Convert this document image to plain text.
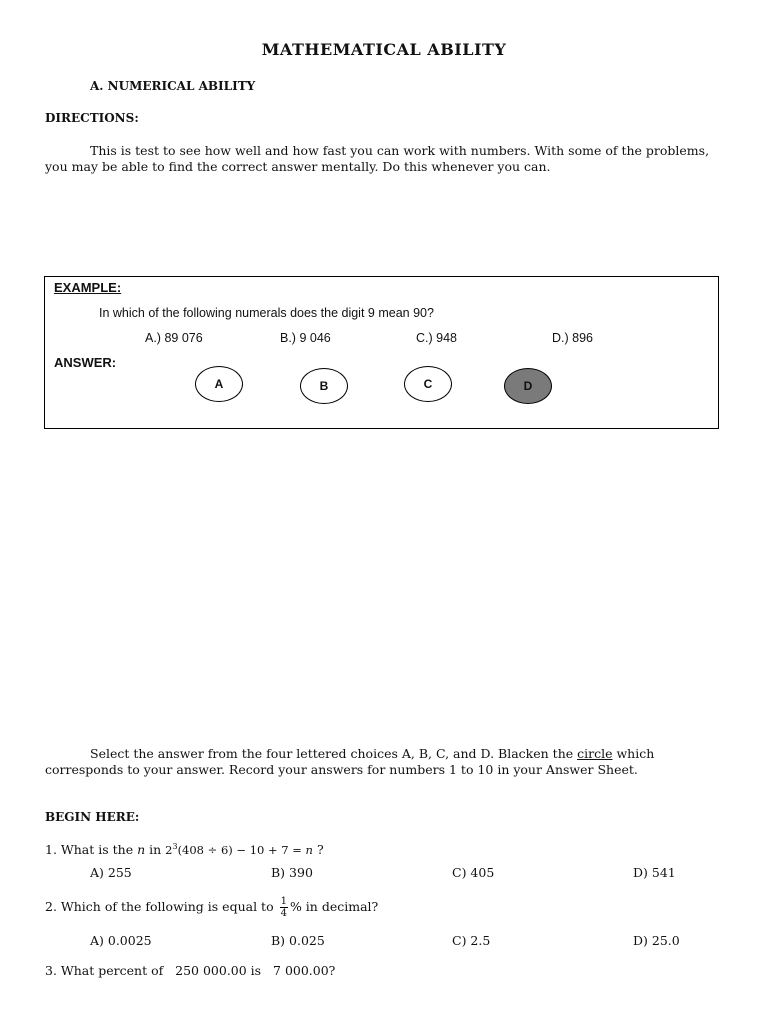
MATHEMATICAL ABILITY
A. NUMERICAL ABILITY
DIRECTIONS:
This is test to see how well and how fast you can work with numbers. With some of the problems, you may be able to find the correct answer mentally. Do this whenever you can.
EXAMPLE:
In which of the following numerals does the digit 9 mean 90?
A.) 89 076	B.) 9 046	C.) 948	D.) 896
ANSWER:
A	B	C	D
Select the answer from the four lettered choices A, B, C, and D. Blacken the circle which corresponds to your answer. Record your answers for numbers 1 to 10 in your Answer Sheet.
BEGIN HERE:
1. What is the n in $2^3(408 \div 6) - 10 + 7 = n$ ?
A) 255	B) 390	C) 405	D) 541
2. Which of the following is equal to $\frac{1}{4}$ % in decimal?
A) 0.0025	B) 0.025	C) 2.5	D) 25.0
3. What percent of   250 000.00 is   7 000.00?
